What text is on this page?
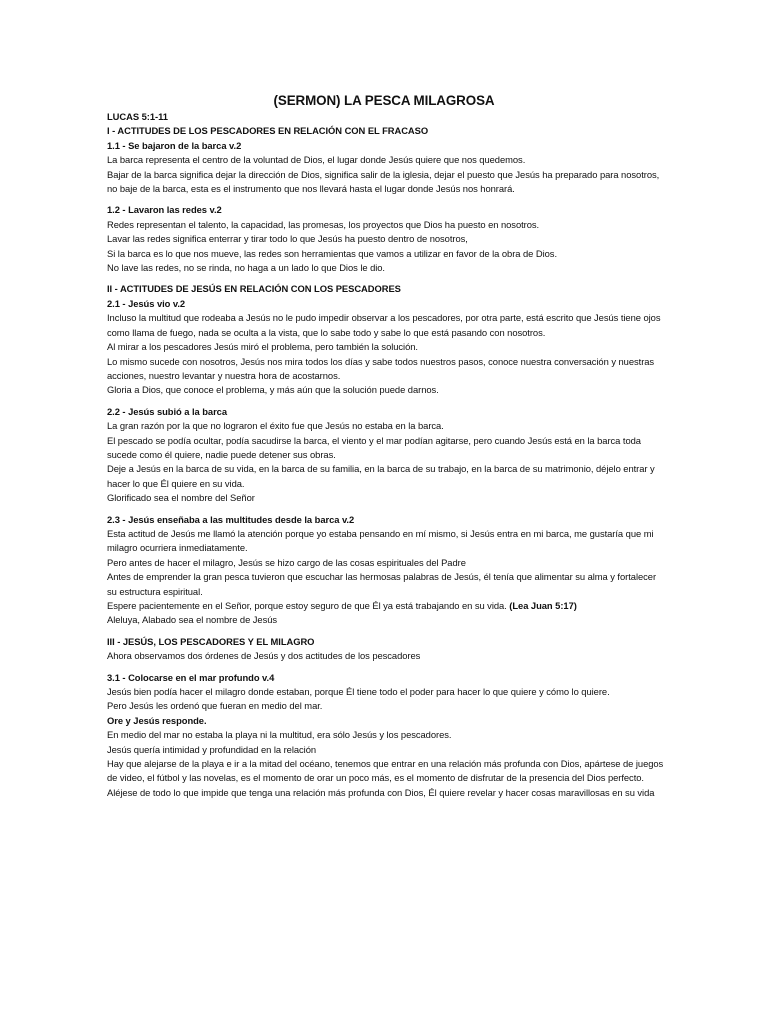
(SERMON) LA PESCA MILAGROSA

LUCAS 5:1-11

I - ACTITUDES DE LOS PESCADORES EN RELACIÓN CON EL FRACASO

1.1 - Se bajaron de la barca v.2

La barca representa el centro de la voluntad de Dios, el lugar donde Jesús quiere que nos quedemos.

Bajar de la barca significa dejar la dirección de Dios, significa salir de la iglesia, dejar el puesto que Jesús ha preparado para nosotros, no baje de la barca, esta es el instrumento que nos llevará hasta el lugar donde Jesús nos honrará.

1.2 - Lavaron las redes v.2

Redes representan el talento, la capacidad, las promesas, los proyectos que Dios ha puesto en nosotros.

Lavar las redes significa enterrar y tirar todo lo que Jesús ha puesto dentro de nosotros,

Si la barca es lo que nos mueve, las redes son herramientas que vamos a utilizar en favor de la obra de Dios.

No lave las redes, no se rinda, no haga a un lado lo que Dios le dio.

II - ACTITUDES DE JESÚS EN RELACIÓN CON LOS PESCADORES

2.1 - Jesús vio v.2

Incluso la multitud que rodeaba a Jesús no le pudo impedir observar a los pescadores, por otra parte, está escrito que Jesús tiene ojos como llama de fuego, nada se oculta a la vista, que lo sabe todo y sabe lo que está pasando con nosotros.

Al mirar a los pescadores Jesús miró el problema, pero también la solución.

Lo mismo sucede con nosotros, Jesús nos mira todos los días y sabe todos nuestros pasos, conoce nuestra conversación y nuestras acciones, nuestro levantar y nuestra hora de acostarnos.

Gloria a Dios, que conoce el problema, y más aún que la solución puede darnos.

2.2 - Jesús subió a la barca

La gran razón por la que no lograron el éxito fue que Jesús no estaba en la barca.

El pescado se podía ocultar, podía sacudirse la barca, el viento y el mar podían agitarse, pero cuando Jesús está en la barca toda sucede como él quiere, nadie puede detener sus obras.

Deje a Jesús en la barca de su vida, en la barca de su familia, en la barca de su trabajo, en la barca de su matrimonio, déjelo entrar y hacer lo que Él quiere en su vida.

Glorificado sea el nombre del Señor

2.3 - Jesús enseñaba a las multitudes desde la barca v.2

Esta actitud de Jesús me llamó la atención porque yo estaba pensando en mí mismo, si Jesús entra en mi barca, me gustaría que mi milagro ocurriera inmediatamente.

Pero antes de hacer el milagro, Jesús se hizo cargo de las cosas espirituales del Padre

Antes de emprender la gran pesca tuvieron que escuchar las hermosas palabras de Jesús, él tenía que alimentar su alma y fortalecer su estructura espiritual.

Espere pacientemente en el Señor, porque estoy seguro de que Él ya está trabajando en su vida. (Lea Juan 5:17)

Aleluya, Alabado sea el nombre de Jesús

III - JESÚS, LOS PESCADORES Y EL MILAGRO

Ahora observamos dos órdenes de Jesús y dos actitudes de los pescadores

3.1 - Colocarse en el mar profundo v.4

Jesús bien podía hacer el milagro donde estaban, porque Él tiene todo el poder para hacer lo que quiere y cómo lo quiere.

Pero Jesús les ordenó que fueran en medio del mar.

Ore y Jesús responde.

En medio del mar no estaba la playa ni la multitud, era sólo Jesús y los pescadores.

Jesús quería intimidad y profundidad en la relación

Hay que alejarse de la playa e ir a la mitad del océano, tenemos que entrar en una relación más profunda con Dios, apártese de juegos de video, el fútbol y las novelas, es el momento de orar un poco más, es el momento de disfrutar de la presencia del Dios perfecto.

Aléjese de todo lo que impide que tenga una relación más profunda con Dios, Él quiere revelar y hacer cosas maravillosas en su vida
